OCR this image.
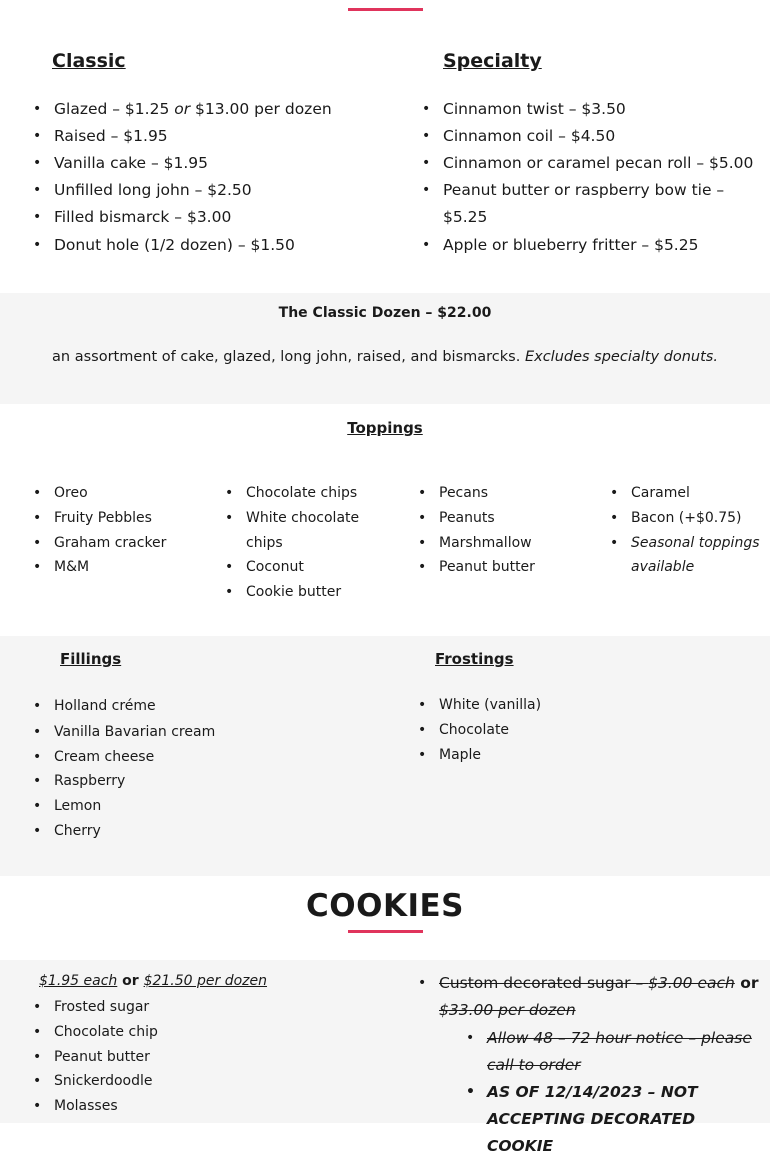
Classic
• Glazed – $1.25 or $13.00 per dozen
• Raised – $1.95
• Vanilla cake – $1.95
• Unfilled long john – $2.50
• Filled bismarck – $3.00
• Donut hole (1/2 dozen) – $1.50
Specialty
• Cinnamon twist – $3.50
• Cinnamon coil – $4.50
• Cinnamon or caramel pecan roll – $5.00
• Peanut butter or raspberry bow tie –
$5.25
• Apple or blueberry fritter – $5.25
The Classic Dozen – $22.00
an assortment of cake, glazed, long john, raised, and bismarcks. Excludes specialty donuts.
Toppings
• Oreo
• Fruity Pebbles
• Graham cracker
• M&M
• Chocolate chips
• White chocolate
chips
• Coconut
• Cookie butter
• Pecans
• Peanuts
• Marshmallow
• Peanut butter
• Caramel
• Bacon (+$0.75)
• Seasonal toppings
available
Fillings
• Holland créme
• Vanilla Bavarian cream
• Cream cheese
• Raspberry
• Lemon
• Cherry
Frostings
• White (vanilla)
• Chocolate
• Maple
COOKIES
$1.95 each or $21.50 per dozen
• Frosted sugar
• Chocolate chip
• Peanut butter
• Snickerdoodle
• Molasses
• Custom decorated sugar – $3.00 each or
$33.00 per dozen
• Allow 48 – 72 hour notice – please
call to order
• AS OF 12/14/2023 – NOT
ACCEPTING DECORATED COOKIE
